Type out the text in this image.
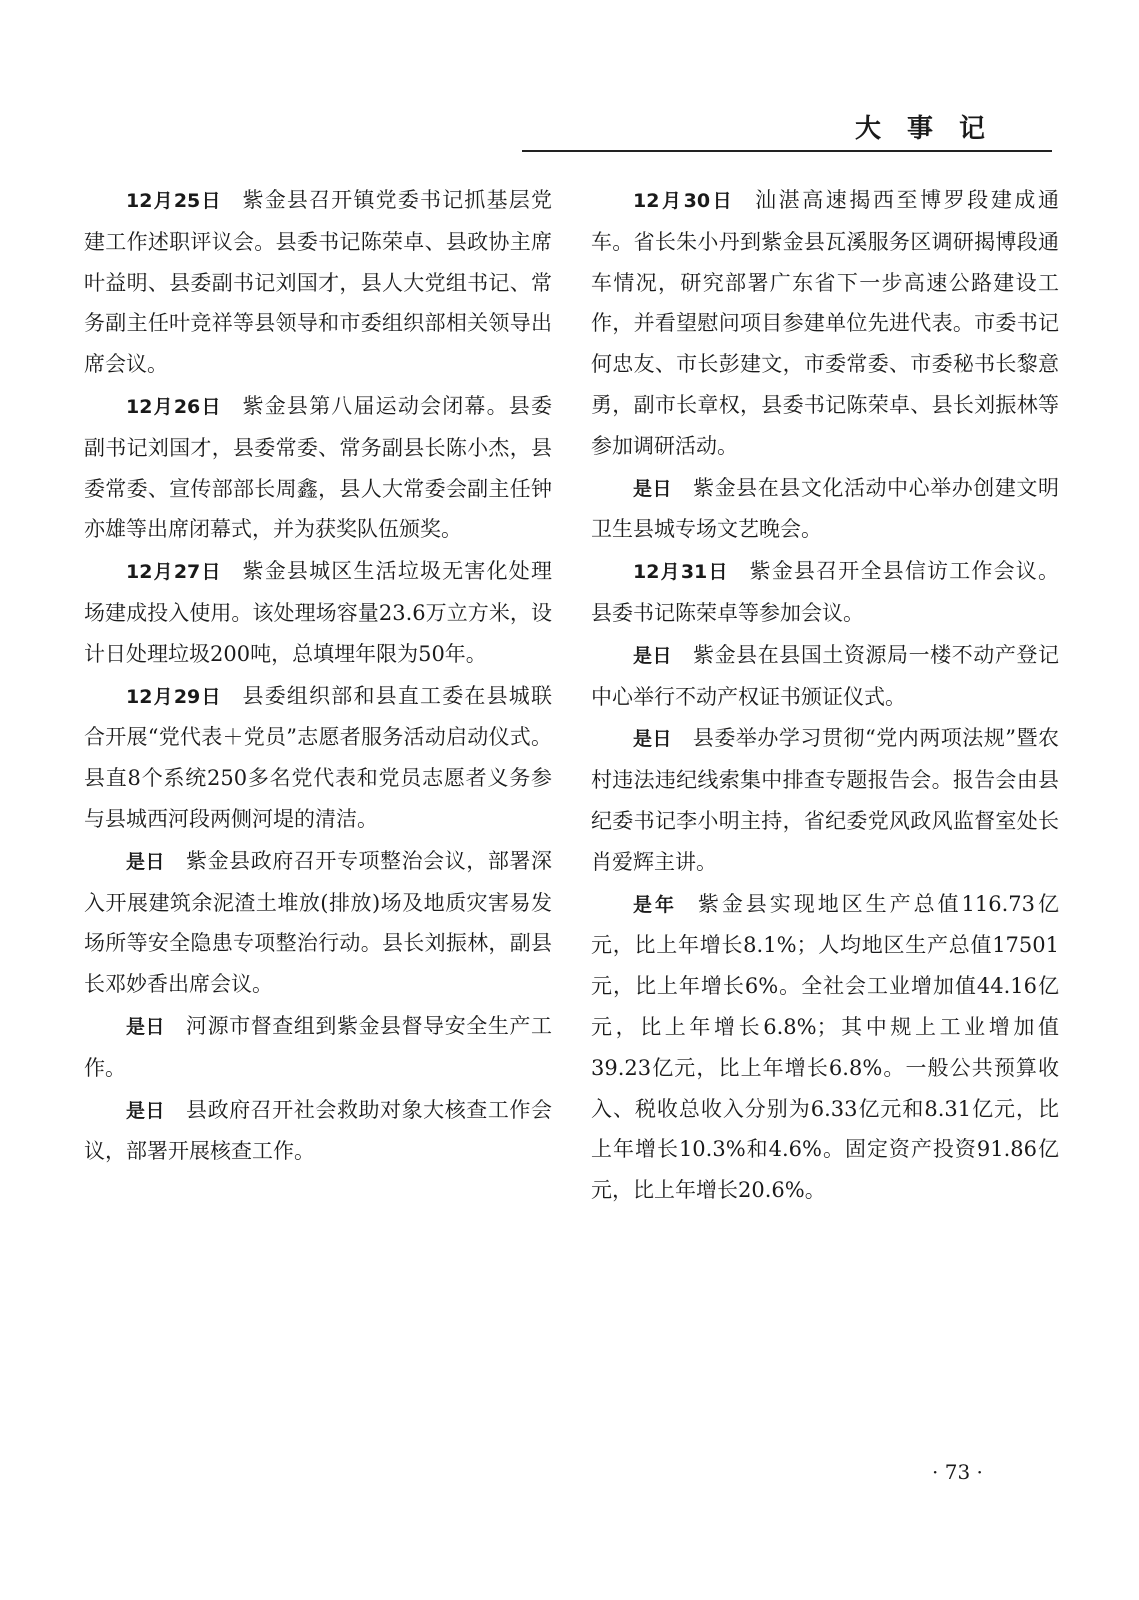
大事记

12月25日 紫金县召开镇党委书记抓基层党建工作述职评议会。县委书记陈荣卓、县政协主席叶益明、县委副书记刘国才，县人大党组书记、常务副主任叶竞祥等县领导和市委组织部相关领导出席会议。

12月26日 紫金县第八届运动会闭幕。县委副书记刘国才，县委常委、常务副县长陈小杰，县委常委、宣传部部长周鑫，县人大常委会副主任钟亦雄等出席闭幕式，并为获奖队伍颁奖。

12月27日 紫金县城区生活垃圾无害化处理场建成投入使用。该处理场容量23.6万立方米，设计日处理垃圾200吨，总填埋年限为50年。

12月29日 县委组织部和县直工委在县城联合开展“党代表＋党员”志愿者服务活动启动仪式。县直8个系统250多名党代表和党员志愿者义务参与县城西河段两侧河堤的清洁。

是日 紫金县政府召开专项整治会议，部署深入开展建筑余泥渣土堆放(排放)场及地质灾害易发场所等安全隐患专项整治行动。县长刘振林，副县长邓妙香出席会议。

是日 河源市督查组到紫金县督导安全生产工作。

是日 县政府召开社会救助对象大核查工作会议，部署开展核查工作。

12月30日 汕湛高速揭西至博罗段建成通车。省长朱小丹到紫金县瓦溪服务区调研揭博段通车情况，研究部署广东省下一步高速公路建设工作，并看望慰问项目参建单位先进代表。市委书记何忠友、市长彭建文，市委常委、市委秘书长黎意勇，副市长章权，县委书记陈荣卓、县长刘振林等参加调研活动。

是日 紫金县在县文化活动中心举办创建文明卫生县城专场文艺晚会。

12月31日 紫金县召开全县信访工作会议。县委书记陈荣卓等参加会议。

是日 紫金县在县国土资源局一楼不动产登记中心举行不动产权证书颁证仪式。

是日 县委举办学习贯彻“党内两项法规”暨农村违法违纪线索集中排查专题报告会。报告会由县纪委书记李小明主持，省纪委党风政风监督室处长肖爱辉主讲。

是年 紫金县实现地区生产总值116.73亿元，比上年增长8.1%；人均地区生产总值17501元，比上年增长6%。全社会工业增加值44.16亿元，比上年增长6.8%；其中规上工业增加值39.23亿元，比上年增长6.8%。一般公共预算收入、税收总收入分别为6.33亿元和8.31亿元，比上年增长10.3%和4.6%。固定资产投资91.86亿元，比上年增长20.6%。

· 73 ·
